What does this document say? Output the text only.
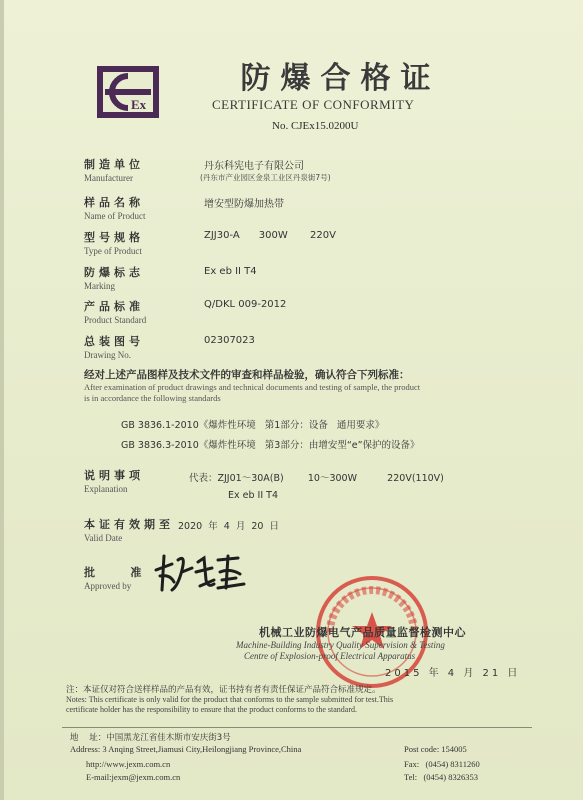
Ex
防爆合格证
CERTIFICATE OF CONFORMITY
No. CJEx15.0200U
制造单位
Manufacturer
丹东科宪电子有限公司
(丹东市产业园区金泉工业区丹泉街7号)
样品名称
Name of Product
增安型防爆加热带
型号规格
Type of Product
ZJJ30-A      300W       220V
防爆标志
Marking
Ex eb II T4
产品标准
Product Standard
Q/DKL 009-2012
总装图号
Drawing No.
02307023
经对上述产品图样及技术文件的审查和样品检验，确认符合下列标准：
After examination of product drawings and technical documents and testing of sample, the product
is in accordance the following standards
GB 3836.1-2010《爆炸性环境   第1部分：设备   通用要求》
GB 3836.3-2010《爆炸性环境   第3部分：由增安型“e”保护的设备》
说明事项
Explanation
代表：ZJJ01～30A(B)        10～300W          220V(110V)
Ex eb II T4
本证有效期至
Valid Date
2020  年  4  月  20  日
批    准
Approved by
机械工业防爆电气产品质量监督检测中心
Machine-Building Industry Quality Supervision & Testing
Centre of Explosion-proof Electrical Apparatus
2015 年 4 月 21 日
注：本证仅对符合送样样品的产品有效，证书持有者有责任保证产品符合标准规定。
Notes: This certificate is only valid for the product that conforms to the sample submitted for test.This
certificate holder has the responsibility to ensure that the product conforms to the standard.
地    址：中国黑龙江省佳木斯市安庆街3号
Address: 3 Anqing Street,Jiamusi City,Heilongjiang Province,China
http://www.jexm.com.cn
E-mail:jexm@jexm.com.cn
Post code: 154005
Fax:   (0454) 8311260
Tel:   (0454) 8326353
